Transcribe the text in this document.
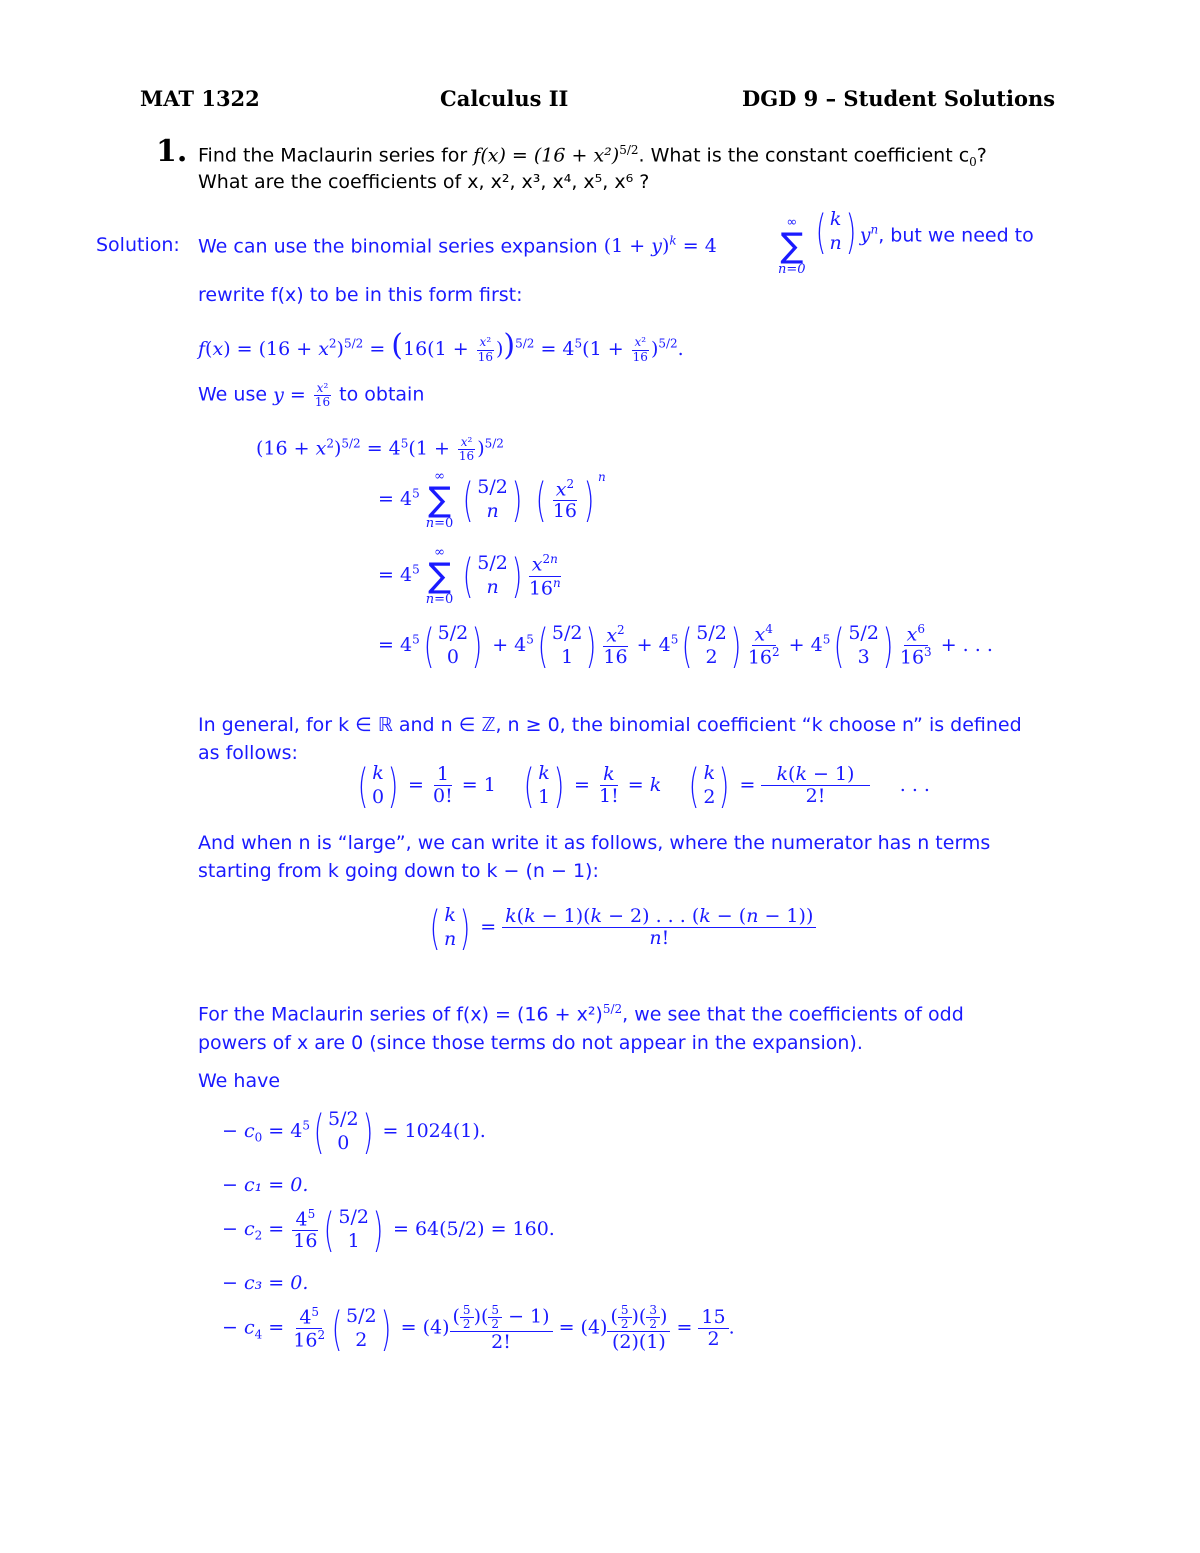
MAT 1322	Calculus II	DGD 9 – Student Solutions
1. Find the Maclaurin series for $f(x) = (16 + x^2)^{5/2}$. What is the constant coefficient $c_0$?
What are the coefficients of x, x², x³, x⁴, x⁵, x⁶ ?
Solution: We can use the binomial series expansion $(1 + y)^k = 4$
∞
∑
n=0

( k
n ) $y^n$, but we need to
rewrite f(x) to be in this form first:
$f(x) = (16 + x^2)^{5/2} = (16(1 + \frac{\text{x²}}{16} ))^{5/2} = 4^5(1 + \frac{\text{x²}}{16} )^{5/2}$.
We use $y = \frac{\text{x²}}{16}$ to obtain
$(16 + x^2)^{5/2} = 4^5(1 + \frac{\text{x²}}{16} )^{5/2}$
= $4^5$
∞
∑
n=0
( 5/2
n )
( $\frac{x^2}{16}$ ) $^n$
= $4^5$
∞
∑
n=0
( 5/2
n ) $\frac{x^{2n}}{16^n}$
= $4^5$ ( 5/2
0 ) + $4^5$ ( 5/2
1 ) $\frac{x^2}{16} + 4^5$ ( 5/2
2 ) $\frac{x^4}{16^2} + 4^5$ ( 5/2
3 ) $\frac{x^6}{16^3}$ + . . .
In general, for k ∈ ℝ and n ∈ ℤ, n ≥ 0, the binomial coefficient “k choose n” is defined
as follows:
( k
0 ) = $\frac{1}{0!} = 1$ ( k
1 ) = $\frac{k}{1!} = k$ ( k
2 ) = $\frac{k(k - 1)}{2!}$ . . .
And when n is “large”, we can write it as follows, where the numerator has n terms
starting from k going down to k − (n − 1):
( k
n ) = $\frac{k(k - 1)(k - 2) . . . (k - (n - 1))}{n!}$
For the Maclaurin series of $f(x) = (16 + x^2)^{5/2}$, we see that the coefficients of odd
powers of x are 0 (since those terms do not appear in the expansion).
We have
− $c_0 = 4^5$ ( 5/2
0 ) = 1024(1).
− c₁ = 0.
− $c_2 = \frac{4^5}{16}$ ( 5/2
1 ) = 64(5/2) = 160.
− c₃ = 0.
− $c_4 = \frac{4^5}{16^2}$ ( 5/2
2 ) = $(4) \frac{( \frac{5}{2} )( \frac{5}{2} - 1)}{2!} = (4) \frac{( \frac{5}{2} )( \frac{3}{2} )}{(2)(1)} = \frac{15}{2}$ .
